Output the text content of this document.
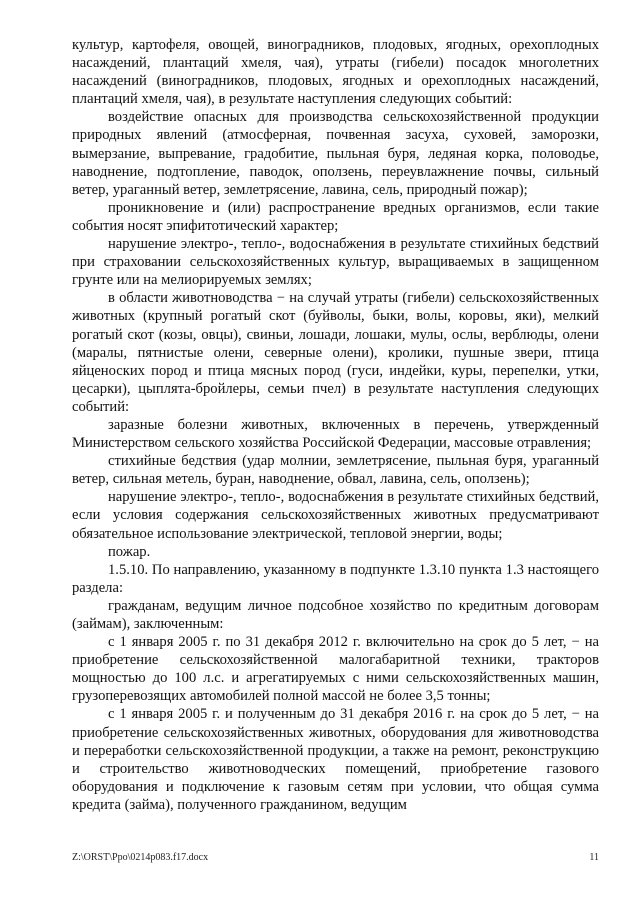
культур, картофеля, овощей, виноградников, плодовых, ягодных, орехоплодных насаждений, плантаций хмеля, чая), утраты (гибели) посадок многолетних насаждений (виноградников, плодовых, ягодных и орехоплодных насаждений, плантаций хмеля, чая), в результате наступления следующих событий:

воздействие опасных для производства сельскохозяйственной продукции природных явлений (атмосферная, почвенная засуха, суховей, заморозки, вымерзание, выпревание, градобитие, пыльная буря, ледяная корка, половодье, наводнение, подтопление, паводок, оползень, переувлажнение почвы, сильный ветер, ураганный ветер, землетрясение, лавина, сель, природный пожар);

проникновение и (или) распространение вредных организмов, если такие события носят эпифитотический характер;

нарушение электро-, тепло-, водоснабжения в результате стихийных бедствий при страховании сельскохозяйственных культур, выращиваемых в защищенном грунте или на мелиорируемых землях;

в области животноводства − на случай утраты (гибели) сельскохозяйственных животных (крупный рогатый скот (буйволы, быки, волы, коровы, яки), мелкий рогатый скот (козы, овцы), свиньи, лошади, лошаки, мулы, ослы, верблюды, олени (маралы, пятнистые олени, северные олени), кролики, пушные звери, птица яйценоских пород и птица мясных пород (гуси, индейки, куры, перепелки, утки, цесарки), цыплята-бройлеры, семьи пчел) в результате наступления следующих событий:

заразные болезни животных, включенных в перечень, утвержденный Министерством сельского хозяйства Российской Федерации, массовые отравления;

стихийные бедствия (удар молнии, землетрясение, пыльная буря, ураганный ветер, сильная метель, буран, наводнение, обвал, лавина, сель, оползень);

нарушение электро-, тепло-, водоснабжения в результате стихийных бедствий, если условия содержания сельскохозяйственных животных предусматривают обязательное использование электрической, тепловой энергии, воды;

пожар.

1.5.10. По направлению, указанному в подпункте 1.3.10 пункта 1.3 настоящего раздела:

гражданам, ведущим личное подсобное хозяйство по кредитным договорам (займам), заключенным:

с 1 января 2005 г. по 31 декабря 2012 г. включительно на срок до 5 лет, − на приобретение сельскохозяйственной малогабаритной техники, тракторов мощностью до 100 л.с. и агрегатируемых с ними сельскохозяйственных машин, грузоперевозящих автомобилей полной массой не более 3,5 тонны;

с 1 января 2005 г. и полученным до 31 декабря 2016 г. на срок до 5 лет, − на приобретение сельскохозяйственных животных, оборудования для животноводства и переработки сельскохозяйственной продукции, а также на ремонт, реконструкцию и строительство животноводческих помещений, приобретение газового оборудования и подключение к газовым сетям при условии, что общая сумма кредита (займа), полученного гражданином, ведущим

Z:\ORST\Ppo\0214p083.f17.docx	11
